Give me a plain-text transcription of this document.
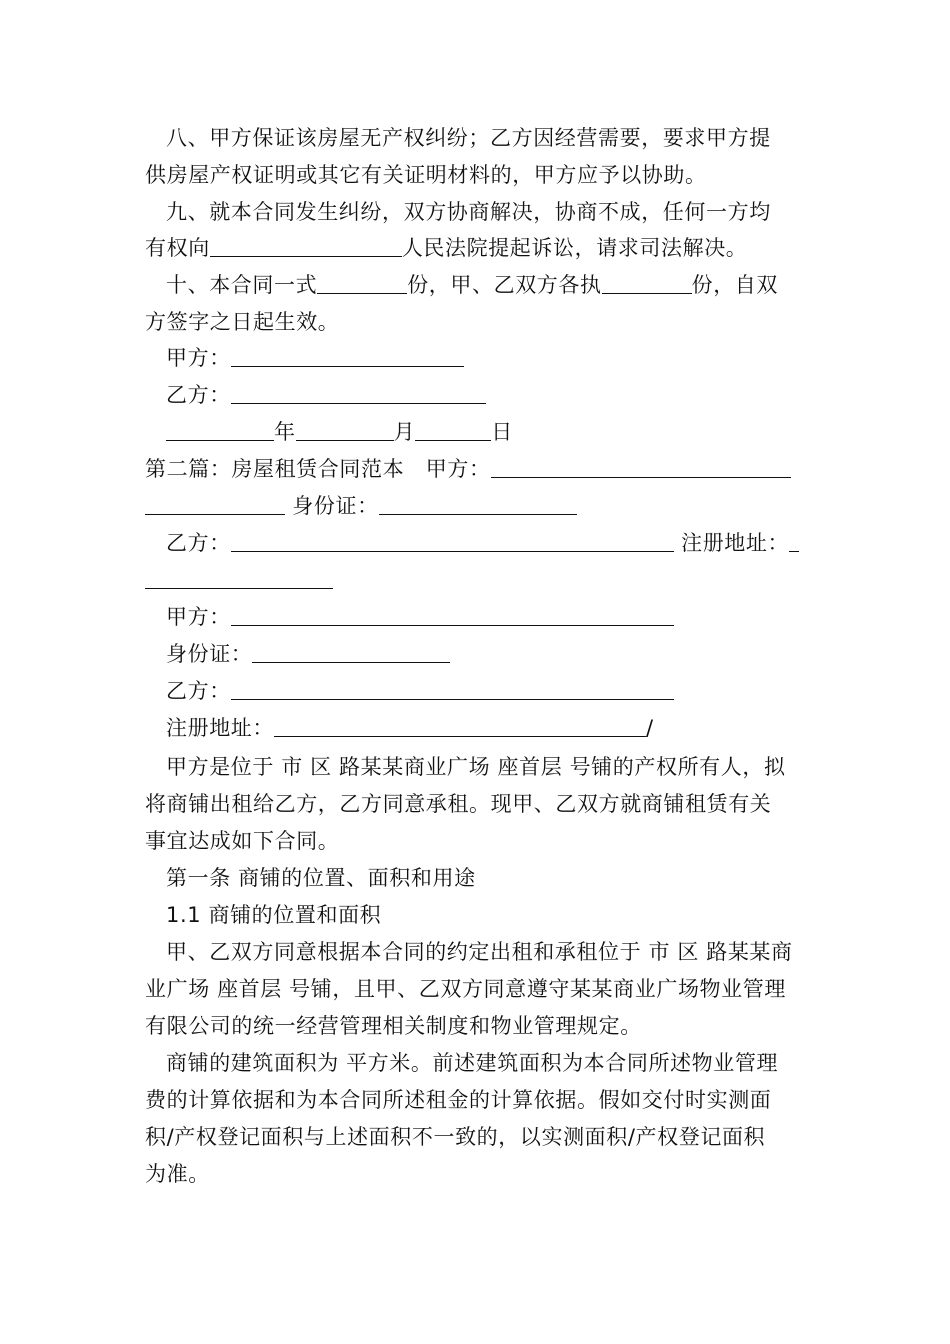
八、甲方保证该房屋无产权纠纷；乙方因经营需要，要求甲方提
供房屋产权证明或其它有关证明材料的，甲方应予以协助。
九、就本合同发生纠纷，双方协商解决，协商不成，任何一方均
有权向	人民法院提起诉讼，请求司法解决。
十、本合同一式	份，甲、乙双方各执	份，自双
方签字之日起生效。
甲方：
乙方：
年	月	日
第二篇：房屋租赁合同范本　甲方：
身份证：
乙方：	注册地址：
甲方：
身份证：
乙方：
注册地址：	/
甲方是位于 市 区 路某某商业广场 座首层 号铺的产权所有人，拟
将商铺出租给乙方，乙方同意承租。现甲、乙双方就商铺租赁有关
事宜达成如下合同。
第一条 商铺的位置、面积和用途
1.1 商铺的位置和面积
甲、乙双方同意根据本合同的约定出租和承租位于 市 区 路某某商
业广场 座首层 号铺，且甲、乙双方同意遵守某某商业广场物业管理
有限公司的统一经营管理相关制度和物业管理规定。
商铺的建筑面积为 平方米。前述建筑面积为本合同所述物业管理
费的计算依据和为本合同所述租金的计算依据。假如交付时实测面
积/产权登记面积与上述面积不一致的，以实测面积/产权登记面积
为准。
